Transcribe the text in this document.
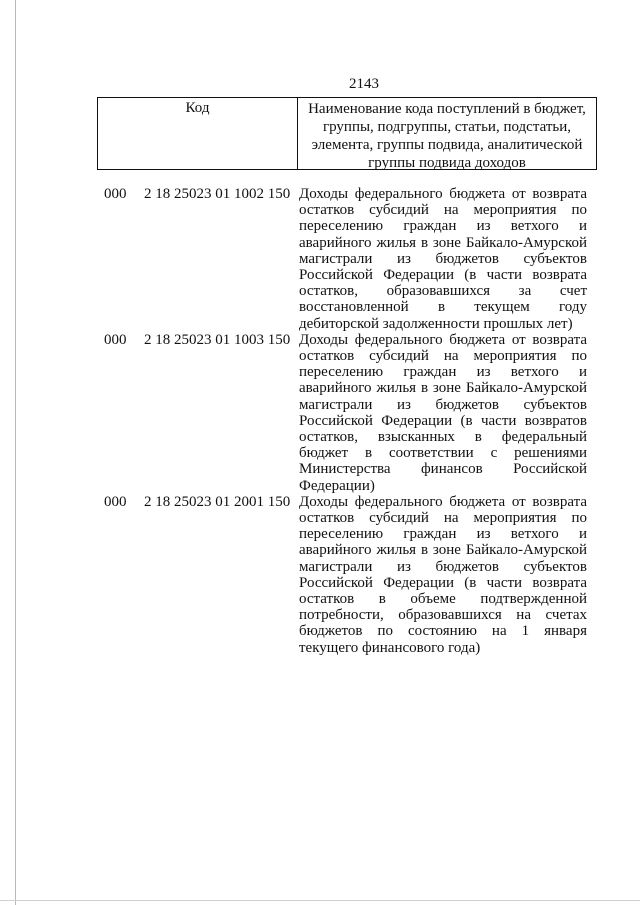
2143
Код	Наименование кода поступлений в бюджет, группы, подгруппы, статьи, подстатьи, элемента, группы подвида, аналитической группы подвида доходов
000 2 18 25023 01 1002 150 Доходы федерального бюджета от возврата остатков субсидий на мероприятия по переселению граждан из ветхого и аварийного жилья в зоне Байкало-Амурской магистрали из бюджетов субъектов Российской Федерации (в части возврата остатков, образовавшихся за счет восстановленной в текущем году дебиторской задолженности прошлых лет)
000 2 18 25023 01 1003 150 Доходы федерального бюджета от возврата остатков субсидий на мероприятия по переселению граждан из ветхого и аварийного жилья в зоне Байкало-Амурской магистрали из бюджетов субъектов Российской Федерации (в части возвратов остатков, взысканных в федеральный бюджет в соответствии с решениями Министерства финансов Российской Федерации)
000 2 18 25023 01 2001 150 Доходы федерального бюджета от возврата остатков субсидий на мероприятия по переселению граждан из ветхого и аварийного жилья в зоне Байкало-Амурской магистрали из бюджетов субъектов Российской Федерации (в части возврата остатков в объеме подтвержденной потребности, образовавшихся на счетах бюджетов по состоянию на 1 января текущего финансового года)
